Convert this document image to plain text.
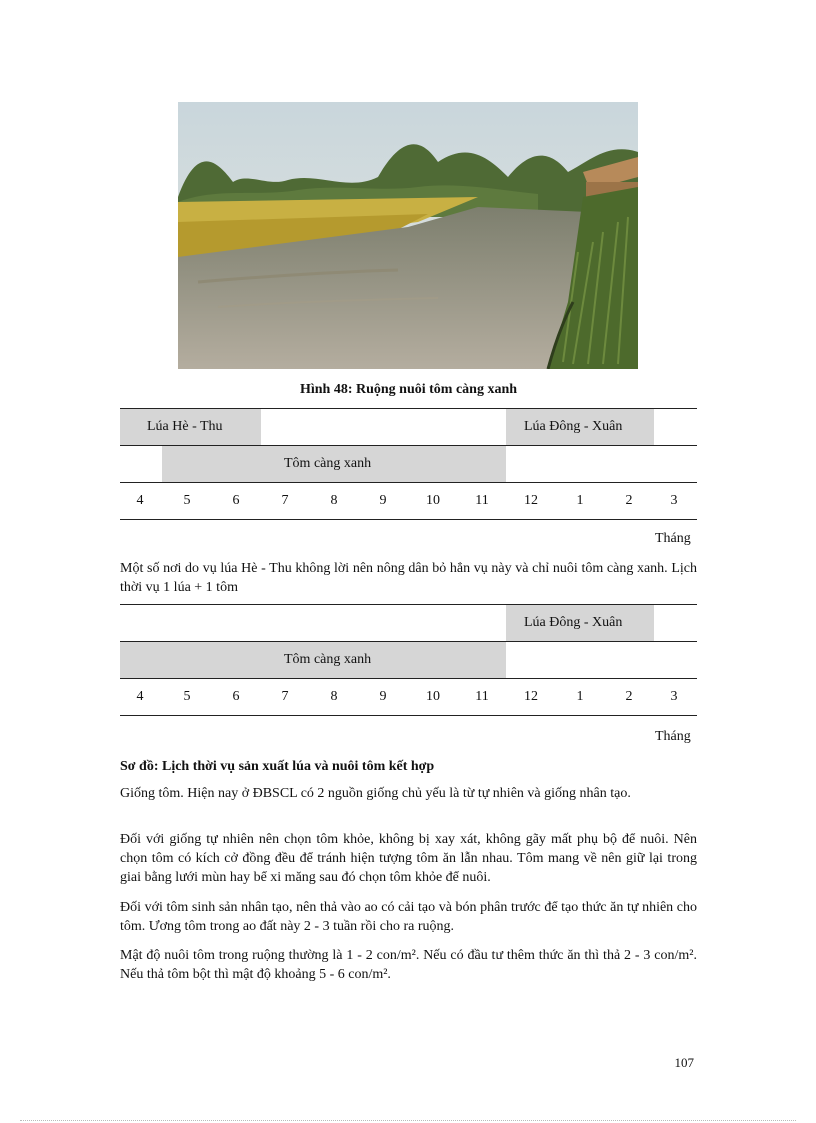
Hình 48: Ruộng nuôi tôm càng xanh
Lúa Hè - Thu	Lúa Đông - Xuân
Tôm càng xanh
4	5	6	7	8	9	10	11	12	1	2	3
Tháng
Một số nơi do vụ lúa Hè - Thu không lời nên nông dân bỏ hẳn vụ này và chỉ nuôi tôm càng xanh. Lịch thời vụ 1 lúa + 1 tôm
Lúa Đông - Xuân
Tôm càng xanh
4	5	6	7	8	9	10	11	12	1	2	3
Tháng
Sơ đồ: Lịch thời vụ sản xuất lúa và nuôi tôm kết hợp
Giống tôm. Hiện nay ở ĐBSCL có 2 nguồn giống chủ yếu là từ tự nhiên và giống nhân tạo.
Đối với giống tự nhiên nên chọn tôm khỏe, không bị xay xát, không gãy mất phụ bộ để nuôi. Nên chọn tôm có kích cở đồng đều để tránh hiện tượng tôm ăn lẫn nhau. Tôm mang về nên giữ lại trong giai bằng lưới mùn hay bể xi măng sau đó chọn tôm khỏe để nuôi.
Đối với tôm sinh sản nhân tạo, nên thả vào ao có cải tạo và bón phân trước để tạo thức ăn tự nhiên cho tôm. Ương tôm trong ao đất này 2 - 3 tuần rồi cho ra ruộng.
Mật độ nuôi tôm trong ruộng thường là 1 - 2 con/m². Nếu có đầu tư thêm thức ăn thì thả 2 - 3 con/m². Nếu thả tôm bột thì mật độ khoảng 5 - 6 con/m².
107
